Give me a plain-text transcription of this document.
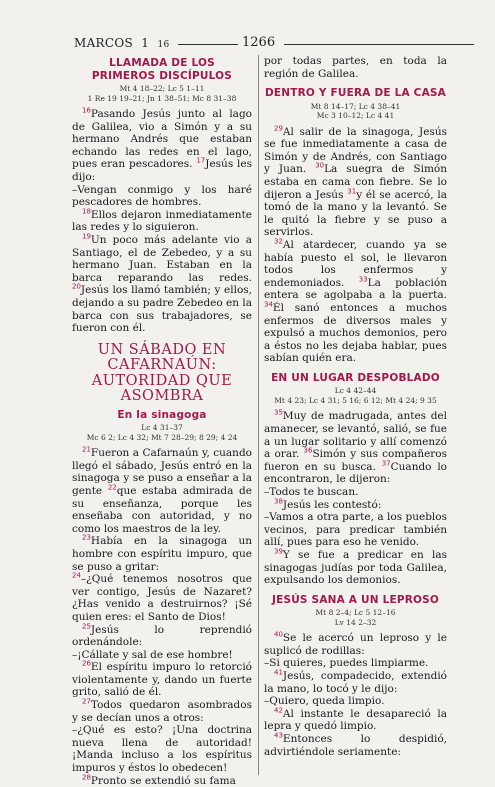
MARCOS 1 16	1266
LLAMADA DE LOS
PRIMEROS DISCÍPULOS
Mt 4 18–22; Lc 5 1–11
1 Re 19 19–21; Jn 1 38–51; Mc 8 31–38

$^{16}$Pasando Jesús junto al lago de Galilea, vio a Simón y a su hermano Andrés que estaban echando las redes en el lago, pues eran pescadores. $^{17}$Jesús les dijo:

–Vengan conmigo y los haré pescadores de hombres.

$^{18}$Ellos dejaron inmediatamente las redes y lo siguieron.

$^{19}$Un poco más adelante vio a Santiago, el de Zebedeo, y a su hermano Juan. Estaban en la barca reparando las redes. $^{20}$Jesús los llamó también; y ellos, dejando a su padre Zebedeo en la barca con sus trabajadores, se fueron con él.

UN SÁBADO EN
CAFARNAÚN: AUTORIDAD QUE
ASOMBRA
En la sinagoga
Lc 4 31–37
Mc 6 2; Lc 4 32; Mt 7 28–29; 8 29; 4 24

$^{21}$Fueron a Cafarnaún y, cuando llegó el sábado, Jesús entró en la sinagoga y se puso a enseñar a la gente $^{22}$que estaba admirada de su enseñanza, porque les enseñaba con autoridad, y no como los maestros de la ley.

$^{23}$Había en la sinagoga un hombre con espíritu impuro, que se puso a gritar:

$^{24}$–¿Qué tenemos nosotros que ver contigo, Jesús de Nazaret? ¿Has venido a destruirnos? ¡Sé quien eres: el Santo de Dios!

$^{25}$Jesús lo reprendió ordenándole:

–¡Cállate y sal de ese hombre!

$^{26}$El espíritu impuro lo retorció violentamente y, dando un fuerte grito, salió de él.

$^{27}$Todos quedaron asombrados y se decían unos a otros:

–¿Qué es esto? ¡Una doctrina nueva llena de autoridad! ¡Manda incluso a los espíritus impuros y éstos lo obedecen!

$^{28}$Pronto se extendió su fama

por todas partes, en toda la región de Galilea.

DENTRO Y FUERA DE LA CASA
Mt 8 14–17; Lc 4 38–41
Mc 3 10–12; Lc 4 41

$^{29}$Al salir de la sinagoga, Jesús se fue inmediatamente a casa de Simón y de Andrés, con Santiago y Juan. $^{30}$La suegra de Simón estaba en cama con fiebre. Se lo dijeron a Jesús $^{31}$y él se acercó, la tomó de la mano y la levantó. Se le quitó la fiebre y se puso a servirlos.

$^{32}$Al atardecer, cuando ya se había puesto el sol, le llevaron todos los enfermos y endemoniados. $^{33}$La población entera se agolpaba a la puerta. $^{34}$Él sanó entonces a muchos enfermos de diversos males y expulsó a muchos demonios, pero a éstos no les dejaba hablar, pues sabían quién era.

EN UN LUGAR DESPOBLADO
Lc 4 42–44
Mt 4 23; Lc 4 31; 5 16; 6 12; Mt 4 24; 9 35

$^{35}$Muy de madrugada, antes del amanecer, se levantó, salió, se fue a un lugar solitario y allí comenzó a orar. $^{36}$Simón y sus compañeros fueron en su busca. $^{37}$Cuando lo encontraron, le dijeron:

–Todos te buscan.

$^{38}$Jesús les contestó:

–Vamos a otra parte, a los pueblos vecinos, para predicar también allí, pues para eso he venido.

$^{39}$Y se fue a predicar en las sinagogas judías por toda Galilea, expulsando los demonios.

JESÚS SANA A UN LEPROSO
Mt 8 2–4; Lc 5 12–16
Lv 14 2–32

$^{40}$Se le acercó un leproso y le suplicó de rodillas:

–Si quieres, puedes limpiarme.

$^{41}$Jesús, compadecido, extendió la mano, lo tocó y le dijo:

–Quiero, queda limpio.

$^{42}$Al instante le desapareció la lepra y quedó limpio.

$^{43}$Entonces lo despidió, advirtiéndole seriamente:
